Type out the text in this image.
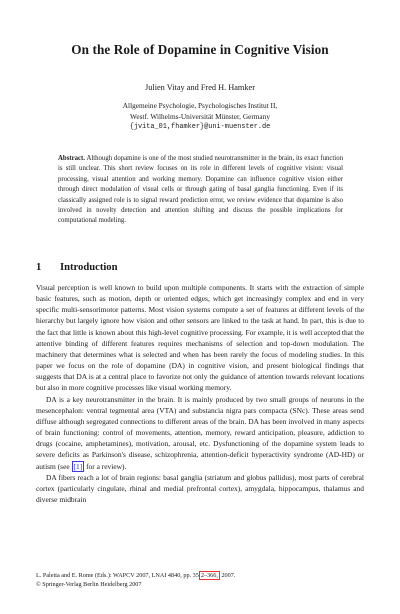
On the Role of Dopamine in Cognitive Vision
Julien Vitay and Fred H. Hamker
Allgemeine Psychologie, Psychologisches Institut II,
Westf. Wilhelms-Universität Münster, Germany
{jvita_01,fhamker}@uni-muenster.de
Abstract. Although dopamine is one of the most studied neurotransmitter in the brain, its exact function is still unclear. This short review focuses on its role in different levels of cognitive vision: visual processing, visual attention and working memory. Dopamine can influence cognitive vision either through direct modulation of visual cells or through gating of basal ganglia functioning. Even if its classically assigned role is to signal reward prediction error, we review evidence that dopamine is also involved in novelty detection and attention shifting and discuss the possible implications for computational modeling.
1 Introduction

Visual perception is well known to build upon multiple components. It starts with the extraction of simple basic features, such as motion, depth or oriented edges, which get increasingly complex and end in very specific multi-sensorimotor patterns. Most vision systems compute a set of features at different levels of the hierarchy but largely ignore how vision and other sensors are linked to the task at hand. In part, this is due to the fact that little is known about this high-level cognitive processing. For example, it is well accepted that the attentive binding of different features requires mechanisms of selection and top-down modulation. The machinery that determines what is selected and when has been rarely the focus of modeling studies. In this paper we focus on the role of dopamine (DA) in cognitive vision, and present biological findings that suggests that DA is at a central place to favorize not only the guidance of attention towards relevant locations but also in more cognitive processes like visual working memory.

DA is a key neurotransmitter in the brain. It is mainly produced by two small groups of neurons in the mesencephalon: ventral tegmental area (VTA) and substancia nigra pars compacta (SNc). These areas send diffuse although segregated connections to different areas of the brain. DA has been involved in many aspects of brain functioning: control of movements, attention, memory, reward anticipation, pleasure, addiction to drugs (cocaine, amphetamines), motivation, arousal, etc. Dysfunctioning of the dopamine system leads to severe deficits as Parkinson's disease, schizophrenia, attention-deficit hyperactivity syndrome (AD-HD) or autism (see [1] for a review).

DA fibers reach a lot of brain regions: basal ganglia (striatum and globus pallidus), most parts of cerebral cortex (particularly cingulate, rhinal and medial prefrontal cortex), amygdala, hippocampus, thalamus and diverse midbrain

L. Paletta and E. Rome (Eds.): WAPCV 2007, LNAI 4840, pp. 35 2–366, 2007.
© Springer-Verlag Berlin Heidelberg 2007
